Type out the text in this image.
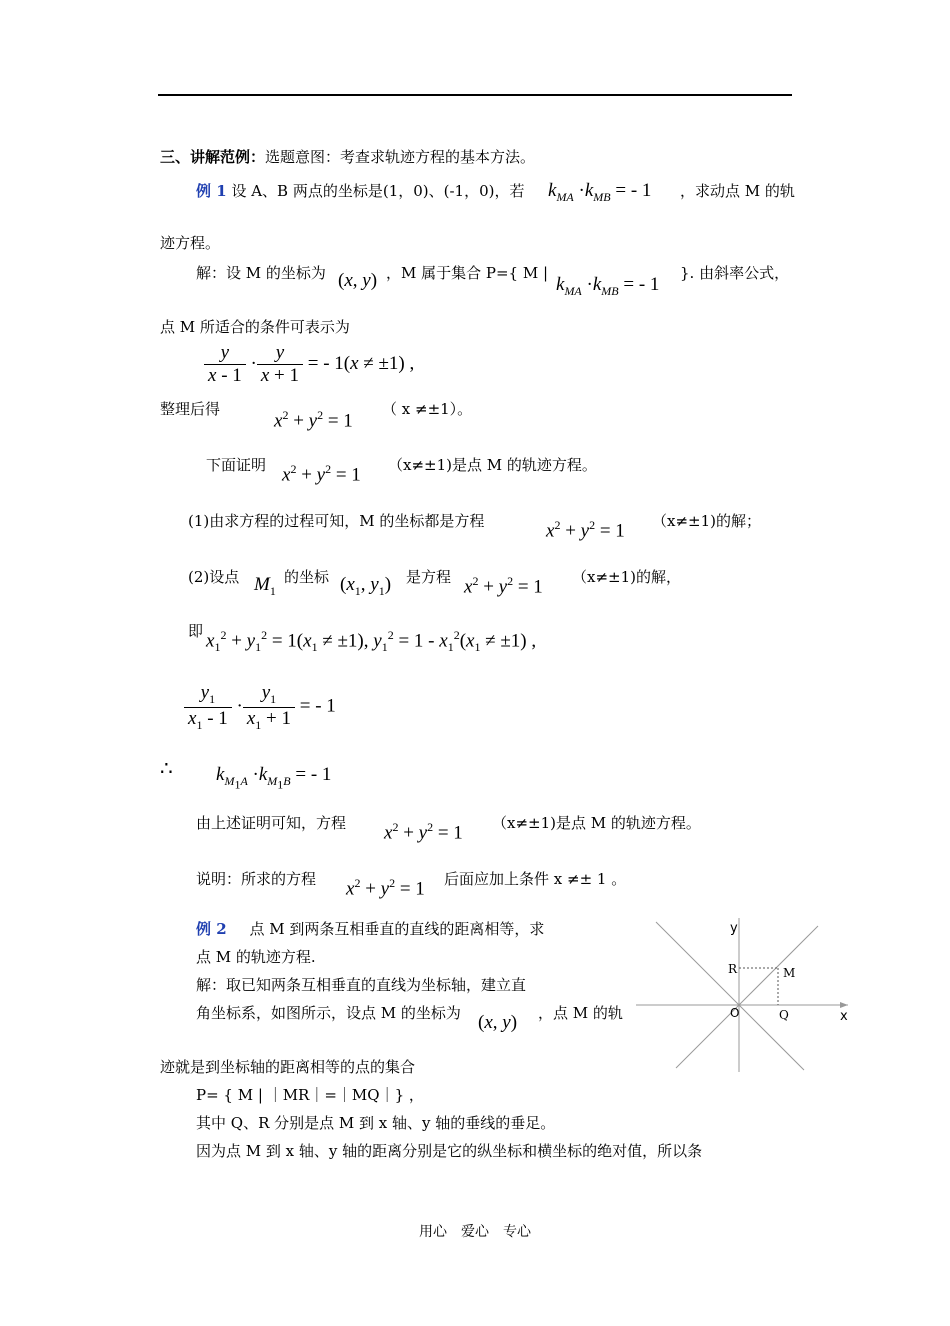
三、讲解范例：选题意图：考查求轨迹方程的基本方法。
例 1 设 A、B 两点的坐标是(1，0)、(-1，0)，若 $k_{MA} \cdot k_{MB}$ = - 1 ，求动点 M 的轨
迹方程。
解：设 M 的坐标为 (x, y) ，M 属于集合 P={ M |
$k_{MA} \cdot k_{MB}$ = - 1
}. 由斜率公式，
点 M 所适合的条件可表示为
$\frac{y}{x - 1} \cdot \frac{y}{x + 1}$ = - 1(x ≠ ±1) ,
整理后得
$x^2 + y^2 = 1$
（ x ≠±1）。
下面证明 $x^2 + y^2 = 1$ （x≠±1)是点 M 的轨迹方程。
(1)由求方程的过程可知，M 的坐标都是方程	$x^2 + y^2 = 1$ （x≠±1)的解；
(2)设点 $M_1$
的坐标 ($x_1$, $y_1$) 是方程 $x^2 + y^2 = 1$ （x≠±1)的解，
即 $x_1^2 + y_1^2 = 1(x_1 \ne \pm 1)$, $y_1^2 = 1 - x_1^2(x_1 \ne \pm 1)$ ,
$\frac{y_1}{x_1 - 1} \cdot \frac{y_1}{x_1 + 1}$ = - 1
∴ $k_{M_1A} \cdot k_{M_1B}$ = - 1
由上述证明可知，方程 $x^2 + y^2 = 1$ （x≠±1)是点 M 的轨迹方程。
说明：所求的方程 $x^2 + y^2 = 1$ 后面应加上条件 x ≠± 1 。
例 2 点 M 到两条互相垂直的直线的距离相等，求
点 M 的轨迹方程.
解：取已知两条互相垂直的直线为坐标轴，建立直
角坐标系，如图所示，设点 M 的坐标为 (x, y) ，点 M 的轨
迹就是到坐标轴的距离相等的点的集合
P= { M | ｜MR｜=｜MQ｜} ，
其中 Q、R 分别是点 M 到 x 轴、y 轴的垂线的垂足。
因为点 M 到 x 轴、y 轴的距离分别是它的纵坐标和横坐标的绝对值，所以条
y
x
O
R	M
Q
用心　爱心　专心
